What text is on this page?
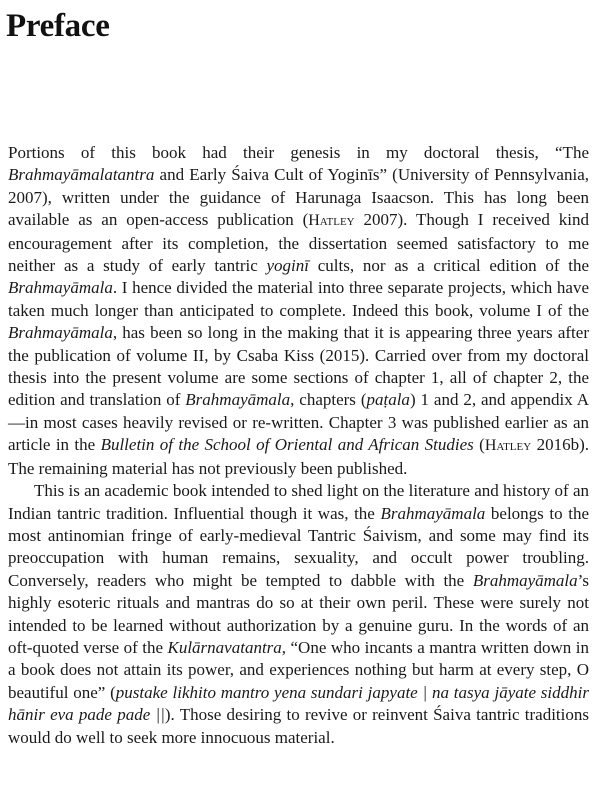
Preface

Portions of this book had their genesis in my doctoral thesis, “The Brahmayāmalatantra and Early Śaiva Cult of Yoginīs” (University of Pennsylvania, 2007), written under the guidance of Harunaga Isaacson. This has long been available as an open-access publication (Hatley 2007). Though I received kind encouragement after its completion, the dissertation seemed satisfactory to me neither as a study of early tantric yoginī cults, nor as a critical edition of the Brahmayāmala. I hence divided the material into three separate projects, which have taken much longer than anticipated to complete. Indeed this book, volume I of the Brahmayāmala, has been so long in the making that it is appearing three years after the publication of volume II, by Csaba Kiss (2015). Carried over from my doctoral thesis into the present volume are some sections of chapter 1, all of chapter 2, the edition and translation of Brahmayāmala, chapters (paṭala) 1 and 2, and appendix A—in most cases heavily revised or re-written. Chapter 3 was published earlier as an article in the Bulletin of the School of Oriental and African Studies (Hatley 2016b). The remaining material has not previously been published.

This is an academic book intended to shed light on the literature and history of an Indian tantric tradition. Influential though it was, the Brahmayāmala belongs to the most antinomian fringe of early-medieval Tantric Śaivism, and some may find its preoccupation with human remains, sexuality, and occult power troubling. Conversely, readers who might be tempted to dabble with the Brahmayāmala’s highly esoteric rituals and mantras do so at their own peril. These were surely not intended to be learned without authorization by a genuine guru. In the words of an oft-quoted verse of the Kulārnavatantra, “One who incants a mantra written down in a book does not attain its power, and experiences nothing but harm at every step, O beautiful one” (pustake likhito mantro yena sundari japyate | na tasya jāyate siddhir hānir eva pade pade ||). Those desiring to revive or reinvent Śaiva tantric traditions would do well to seek more innocuous material.
